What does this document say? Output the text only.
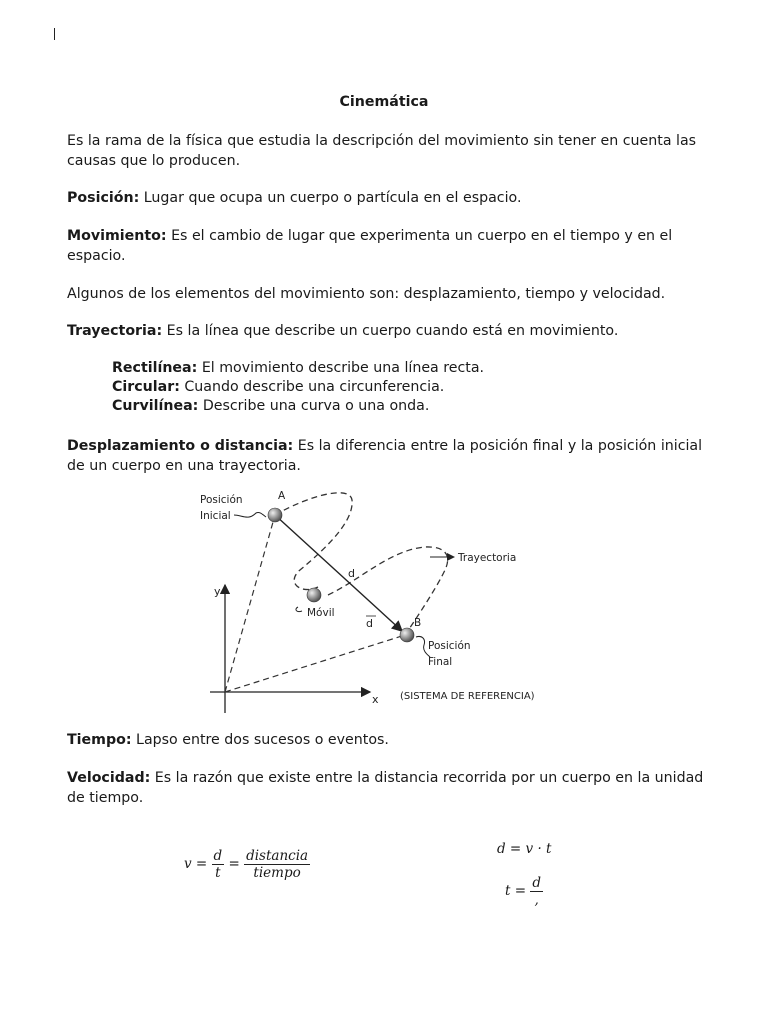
Cinemática

Es la rama de la física que estudia la descripción del movimiento sin tener en cuenta las causas que lo producen.

Posición: Lugar que ocupa un cuerpo o partícula en el espacio.

Movimiento: Es el cambio de lugar que experimenta un cuerpo en el tiempo y en el espacio.

Algunos de los elementos del movimiento son: desplazamiento, tiempo y velocidad.

Trayectoria: Es la línea que describe un cuerpo cuando está en movimiento.

Rectilínea: El movimiento describe una línea recta.

Circular: Cuando describe una circunferencia.

Curvilínea: Describe una curva o una onda.

Desplazamiento o distancia: Es la diferencia entre la posición final y la posición inicial de un cuerpo en una trayectoria.

Posición
Inicial
A
d
d
Trayectoria
Móvil
B
Posición
Final
y
x (SISTEMA DE REFERENCIA)

Tiempo: Lapso entre dos sucesos o eventos.

Velocidad: Es la razón que existe entre la distancia recorrida por un cuerpo en la unidad de tiempo.

$v = \frac{d}{t} = \frac{\text{distancia}}{\text{tiempo}}$	d = v · t
$t = \frac{d}{,}$
